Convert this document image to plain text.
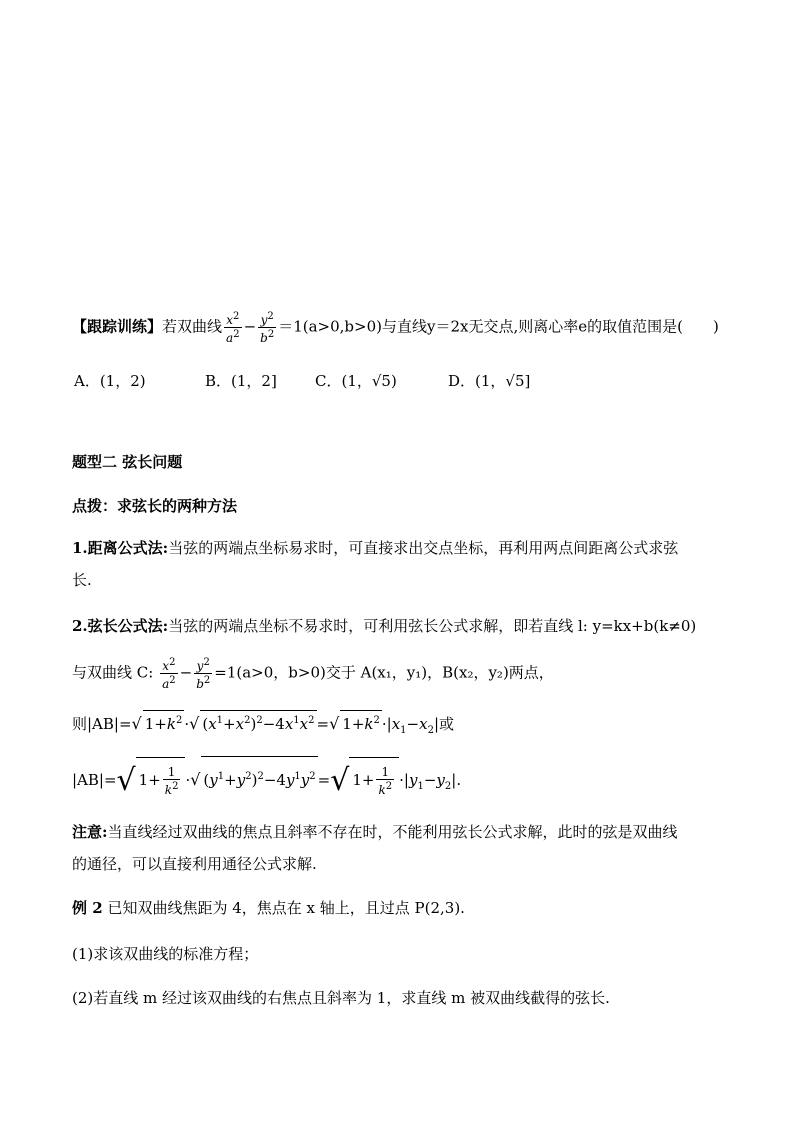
【跟踪训练】若双曲线 $\frac{x^2}{a^2} - \frac{y^2}{b^2} =1(a>0,b>0)$与直线y＝2x无交点,则离心率e的取值范围是(　　)
A．(1，2)	B．(1，2]	C．(1，√5)	D．(1，√5]
题型二 弦长问题
点拨：求弦长的两种方法
1.距离公式法:当弦的两端点坐标易求时，可直接求出交点坐标，再利用两点间距离公式求弦
长.
2.弦长公式法:当弦的两端点坐标不易求时，可利用弦长公式求解，即若直线 l: y=kx+b(k≠0)
与双曲线 C: $\frac{x^2}{a^2} - \frac{y^2}{b^2} =1(a>0$，b>0)交于 A(x₁，y₁)，B(x₂，y₂)两点，
则|AB|=√ $1+k^2$ ·√ $(x^1+x^2)^2-4x^1x^2$ =√ $1+k^2 \cdot|x_1-x_2|$或
|AB|=√ $1+ \frac{1}{k^2}$ ·√ $(y^1+y^2)^2-4y^1y^2$ =√ $1+ \frac{1}{k^2} \cdot|y_1-y_2|$.
注意:当直线经过双曲线的焦点且斜率不存在时，不能利用弦长公式求解，此时的弦是双曲线
的通径，可以直接利用通径公式求解.
例 2 已知双曲线焦距为 4，焦点在 x 轴上，且过点 P(2,3).
(1)求该双曲线的标准方程；
(2)若直线 m 经过该双曲线的右焦点且斜率为 1，求直线 m 被双曲线截得的弦长.
